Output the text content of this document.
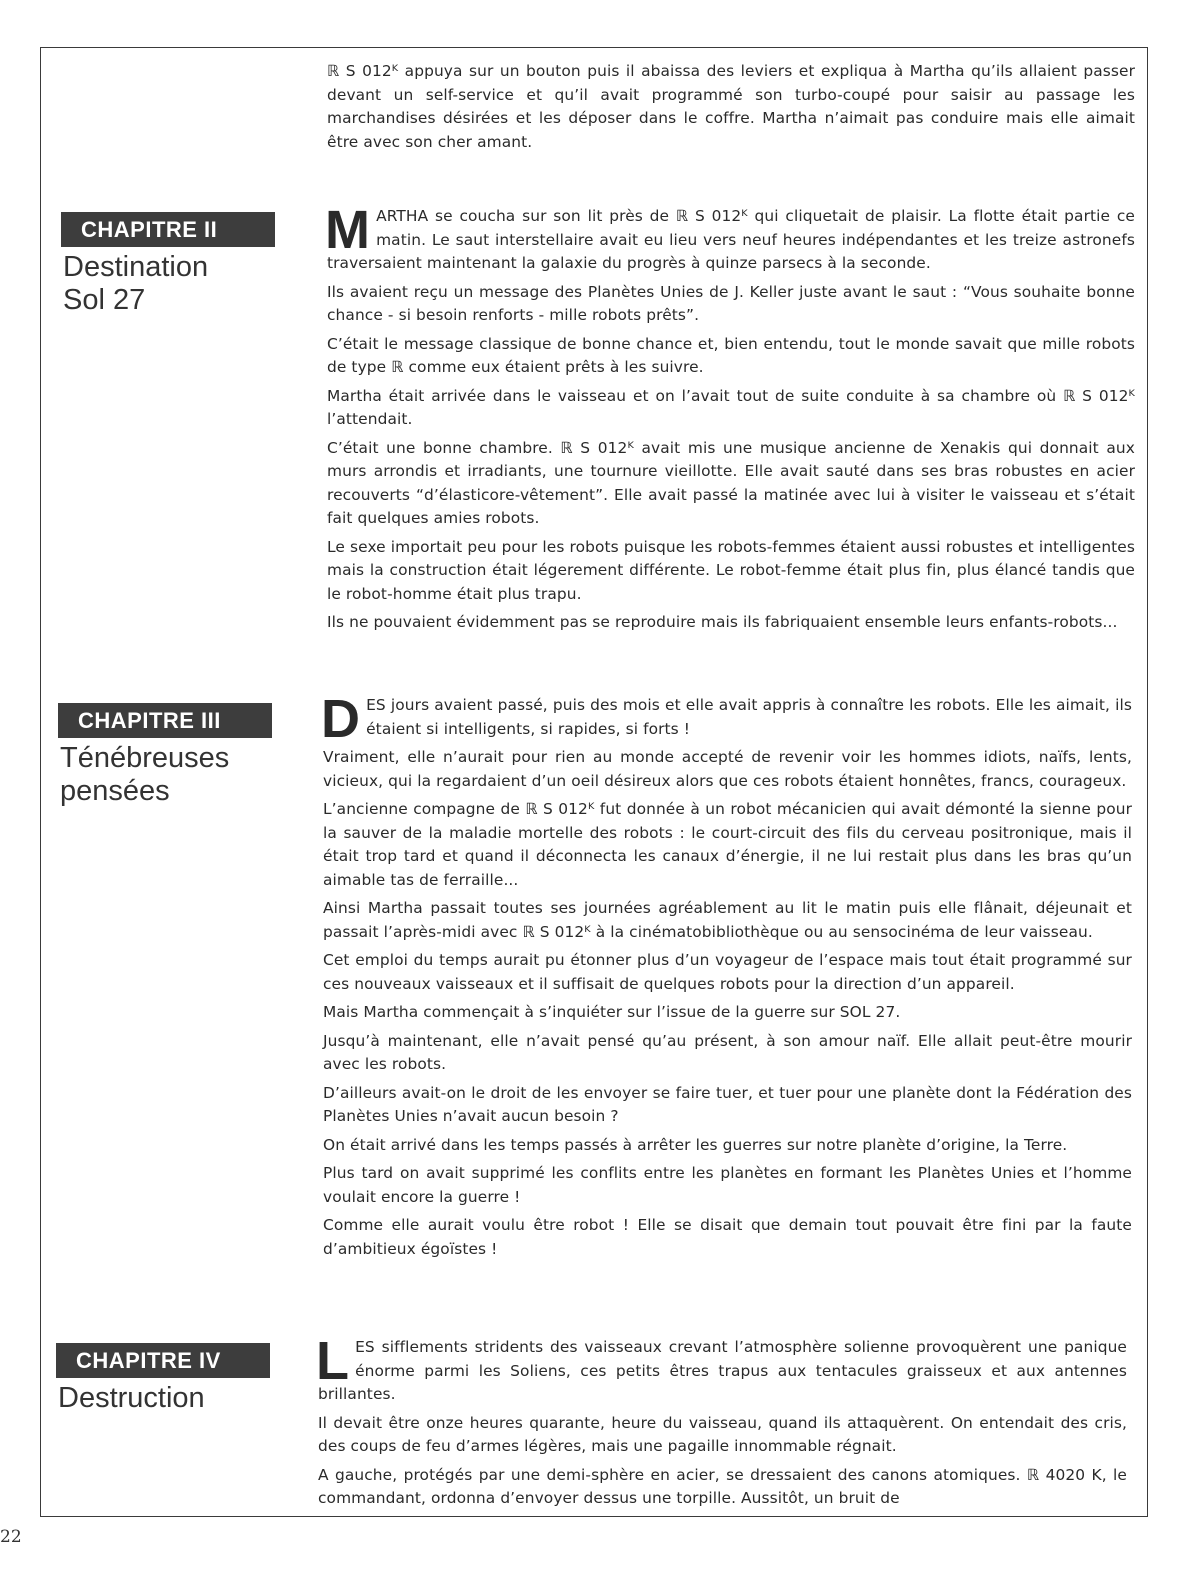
ℝ S 012ᴷ appuya sur un bouton puis il abaissa des leviers et expliqua à Martha qu’ils allaient passer devant un self-service et qu’il avait programmé son turbo-coupé pour saisir au passage les marchandises désirées et les déposer dans le coffre. Martha n’aimait pas conduire mais elle aimait être avec son cher amant.
CHAPITRE II
Destination Sol 27

MARTHA se coucha sur son lit près de ℝ S 012ᴷ qui cliquetait de plaisir. La flotte était partie ce matin. Le saut interstellaire avait eu lieu vers neuf heures indépendantes et les treize astronefs traversaient maintenant la galaxie du progrès à quinze parsecs à la seconde.

Ils avaient reçu un message des Planètes Unies de J. Keller juste avant le saut : “Vous souhaite bonne chance - si besoin renforts - mille robots prêts”.

C’était le message classique de bonne chance et, bien entendu, tout le monde savait que mille robots de type ℝ comme eux étaient prêts à les suivre.

Martha était arrivée dans le vaisseau et on l’avait tout de suite conduite à sa chambre où ℝ S 012ᴷ l’attendait.

C’était une bonne chambre. ℝ S 012ᴷ avait mis une musique ancienne de Xenakis qui donnait aux murs arrondis et irradiants, une tournure vieillotte. Elle avait sauté dans ses bras robustes en acier recouverts “d’élasticore-vêtement”. Elle avait passé la matinée avec lui à visiter le vaisseau et s’était fait quelques amies robots.

Le sexe importait peu pour les robots puisque les robots-femmes étaient aussi robustes et intelligentes mais la construction était légerement différente. Le robot-femme était plus fin, plus élancé tandis que le robot-homme était plus trapu.

Ils ne pouvaient évidemment pas se reproduire mais ils fabriquaient ensemble leurs enfants-robots...

CHAPITRE III
Ténébreuses pensées

DES jours avaient passé, puis des mois et elle avait appris à connaître les robots. Elle les aimait, ils étaient si intelligents, si rapides, si forts !

Vraiment, elle n’aurait pour rien au monde accepté de revenir voir les hommes idiots, naïfs, lents, vicieux, qui la regardaient d’un oeil désireux alors que ces robots étaient honnêtes, francs, courageux.

L’ancienne compagne de ℝ S 012ᴷ fut donnée à un robot mécanicien qui avait démonté la sienne pour la sauver de la maladie mortelle des robots : le court-circuit des fils du cerveau positronique, mais il était trop tard et quand il déconnecta les canaux d’énergie, il ne lui restait plus dans les bras qu’un aimable tas de ferraille...

Ainsi Martha passait toutes ses journées agréablement au lit le matin puis elle flânait, déjeunait et passait l’après-midi avec ℝ S 012ᴷ à la cinématobibliothèque ou au sensocinéma de leur vaisseau.

Cet emploi du temps aurait pu étonner plus d’un voyageur de l’espace mais tout était programmé sur ces nouveaux vaisseaux et il suffisait de quelques robots pour la direction d’un appareil.

Mais Martha commençait à s’inquiéter sur l’issue de la guerre sur SOL 27.

Jusqu’à maintenant, elle n’avait pensé qu’au présent, à son amour naïf. Elle allait peut-être mourir avec les robots.

D’ailleurs avait-on le droit de les envoyer se faire tuer, et tuer pour une planète dont la Fédération des Planètes Unies n’avait aucun besoin ?

On était arrivé dans les temps passés à arrêter les guerres sur notre planète d’origine, la Terre.

Plus tard on avait supprimé les conflits entre les planètes en formant les Planètes Unies et l’homme voulait encore la guerre !

Comme elle aurait voulu être robot ! Elle se disait que demain tout pouvait être fini par la faute d’ambitieux égoïstes !

CHAPITRE IV
Destruction

LES sifflements stridents des vaisseaux crevant l’atmosphère solienne provoquèrent une panique énorme parmi les Soliens, ces petits êtres trapus aux tentacules graisseux et aux antennes brillantes.

Il devait être onze heures quarante, heure du vaisseau, quand ils attaquèrent. On entendait des cris, des coups de feu d’armes légères, mais une pagaille innommable régnait.

A gauche, protégés par une demi-sphère en acier, se dressaient des canons atomiques. ℝ 4020 K, le commandant, ordonna d’envoyer dessus une torpille. Aussitôt, un bruit de

22
